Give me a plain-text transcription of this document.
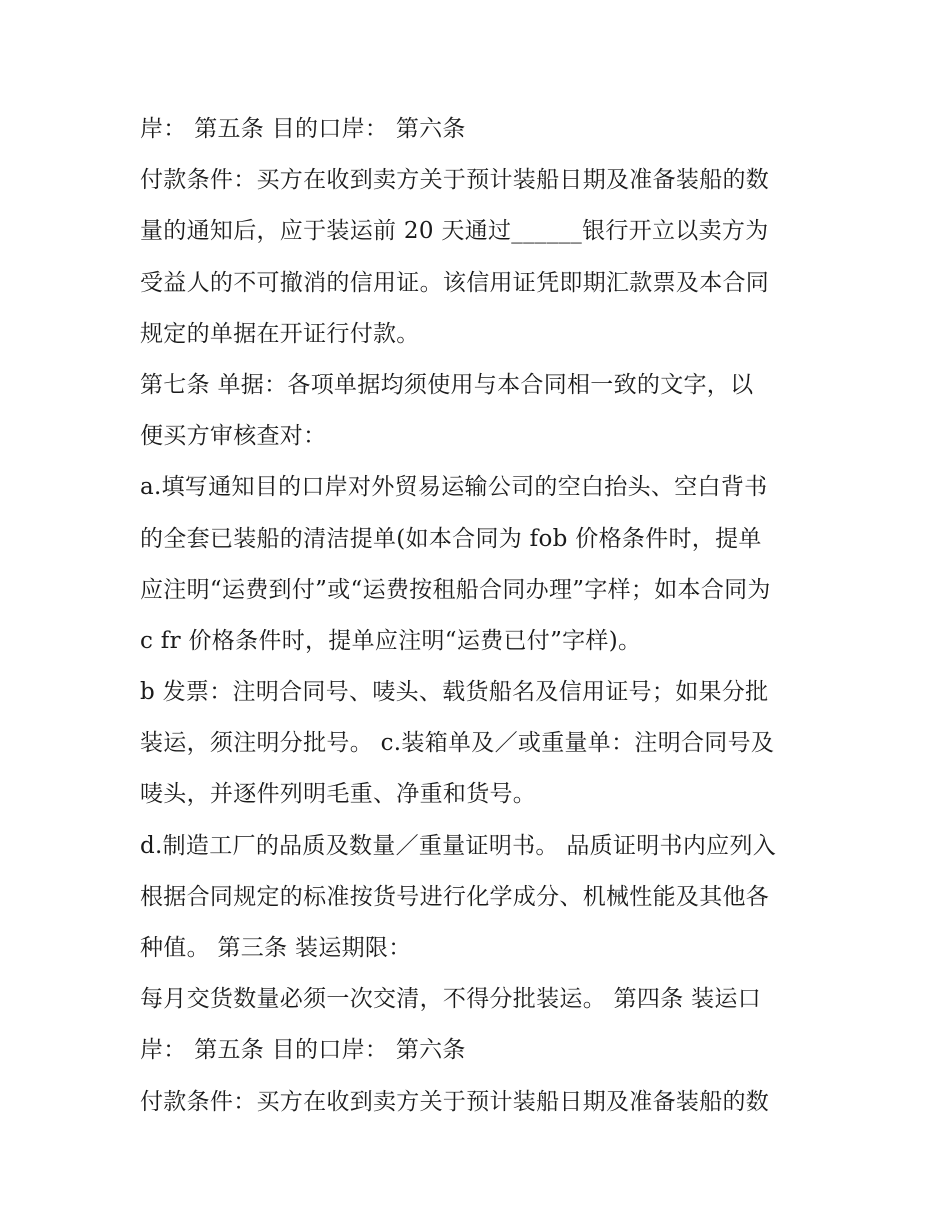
岸： 第五条 目的口岸： 第六条
付款条件：买方在收到卖方关于预计装船日期及准备装船的数
量的通知后，应于装运前 20 天通过______银行开立以卖方为
受益人的不可撤消的信用证。该信用证凭即期汇款票及本合同
规定的单据在开证行付款。
第七条 单据：各项单据均须使用与本合同相一致的文字，以
便买方审核查对：
a.填写通知目的口岸对外贸易运输公司的空白抬头、空白背书
的全套已装船的清洁提单(如本合同为 fob 价格条件时，提单
应注明“运费到付”或“运费按租船合同办理”字样；如本合同为
c fr 价格条件时，提单应注明“运费已付”字样)。
b 发票：注明合同号、唛头、载货船名及信用证号；如果分批
装运，须注明分批号。 c.装箱单及／或重量单：注明合同号及
唛头，并逐件列明毛重、净重和货号。
d.制造工厂的品质及数量／重量证明书。 品质证明书内应列入
根据合同规定的标准按货号进行化学成分、机械性能及其他各
种值。 第三条 装运期限：
每月交货数量必须一次交清，不得分批装运。 第四条 装运口
岸： 第五条 目的口岸： 第六条
付款条件：买方在收到卖方关于预计装船日期及准备装船的数
